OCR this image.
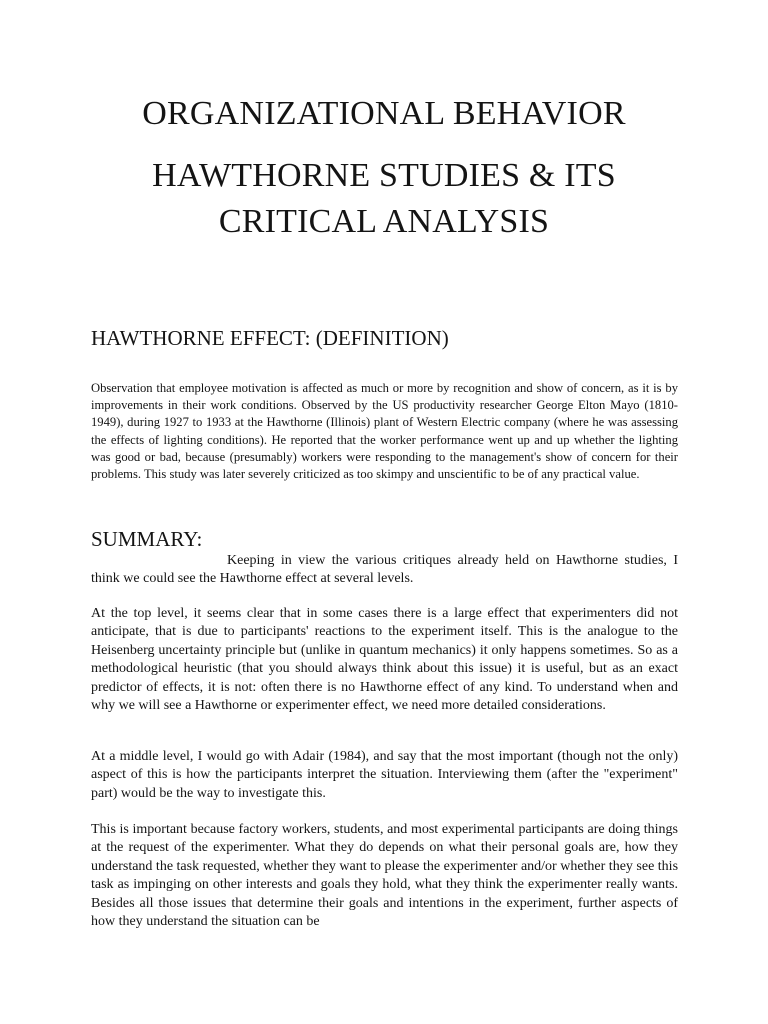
ORGANIZATIONAL BEHAVIOR
HAWTHORNE STUDIES & ITS
CRITICAL ANALYSIS
HAWTHORNE EFFECT: (DEFINITION)

Observation that employee motivation is affected as much or more by recognition and show of concern, as it is by improvements in their work conditions. Observed by the US productivity researcher George Elton Mayo (1810-1949), during 1927 to 1933 at the Hawthorne (Illinois) plant of Western Electric company (where he was assessing the effects of lighting conditions). He reported that the worker performance went up and up whether the lighting was good or bad, because (presumably) workers were responding to the management's show of concern for their problems. This study was later severely criticized as too skimpy and unscientific to be of any practical value.

SUMMARY:

Keeping in view the various critiques already held on Hawthorne studies, I think we could see the Hawthorne effect at several levels.

At the top level, it seems clear that in some cases there is a large effect that experimenters did not anticipate, that is due to participants' reactions to the experiment itself. This is the analogue to the Heisenberg uncertainty principle but (unlike in quantum mechanics) it only happens sometimes. So as a methodological heuristic (that you should always think about this issue) it is useful, but as an exact predictor of effects, it is not: often there is no Hawthorne effect of any kind. To understand when and why we will see a Hawthorne or experimenter effect, we need more detailed considerations.

At a middle level, I would go with Adair (1984), and say that the most important (though not the only) aspect of this is how the participants interpret the situation. Interviewing them (after the "experiment" part) would be the way to investigate this.

This is important because factory workers, students, and most experimental participants are doing things at the request of the experimenter. What they do depends on what their personal goals are, how they understand the task requested, whether they want to please the experimenter and/or whether they see this task as impinging on other interests and goals they hold, what they think the experimenter really wants. Besides all those issues that determine their goals and intentions in the experiment, further aspects of how they understand the situation can be
